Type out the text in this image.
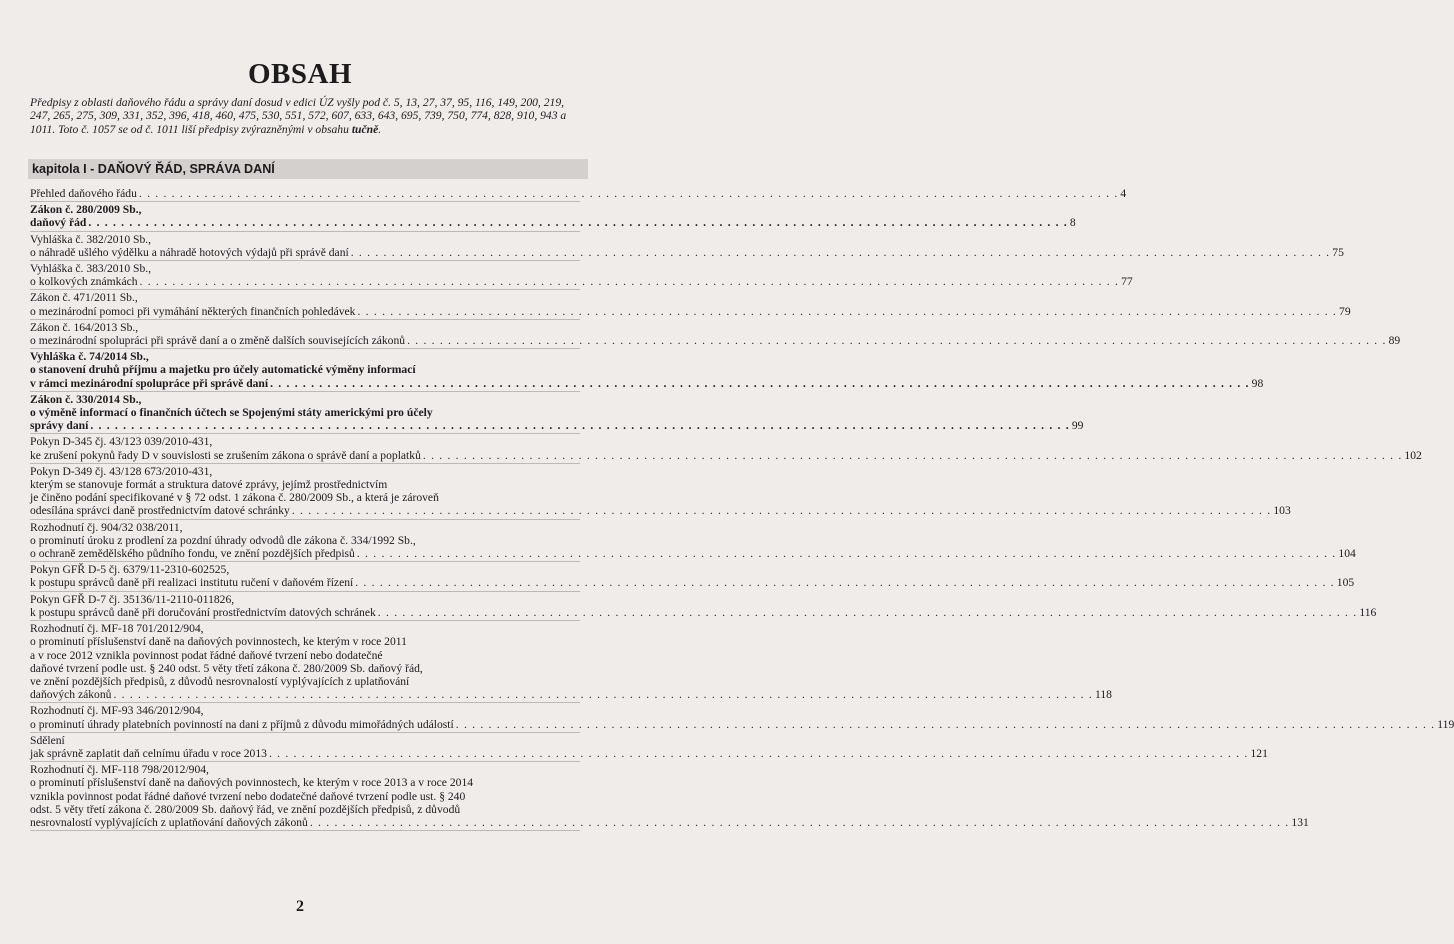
OBSAH
Předpisy z oblasti daňového řádu a správy daní dosud v edici ÚZ vyšly pod č. 5, 13, 27, 37, 95, 116, 149, 200, 219, 247, 265, 275, 309, 331, 352, 396, 418, 460, 475, 530, 551, 572, 607, 633, 643, 695, 739, 750, 774, 828, 910, 943 a 1011. Toto č. 1057 se od č. 1011 liší předpisy zvýrazněnými v obsahu tučně.
kapitola I - DAŇOVÝ ŘÁD, SPRÁVA DANÍ
Přehled daňového řádu . . . . . . . . . . . . . . . . . . . . . . . . . . . . . . . . . . . . . . . . . . . . . . . . . . . . . . . . . . . . . . . . . . . . . . . . . . . . . . . . . . . . . . . . . . . . . . . . . . . . . . . . . . . . . . . . . . . . . . . . 4
Zákon č. 280/2009 Sb.,
daňový řád . . . . . . . . . . . . . . . . . . . . . . . . . . . . . . . . . . . . . . . . . . . . . . . . . . . . . . . . . . . . . . . . . . . . . . . . . . . . . . . . . . . . . . . . . . . . . . . . . . . . . . . . . . . . . . . . . . . . . . . . 8
Vyhláška č. 382/2010 Sb.,
o náhradě ušlého výdělku a náhradě hotových výdajů při správě daní . . . . . . . . . . . . . . . . . . . . . . . . . . . . . . . . . . . . . . . . . . . . . . . . . . . . . . . . . . . . . . . . . . . . . . . . . . . . . . . . . . . . . . . . . . . . . . . . . . . . . . . . . . . . . . . . . . . . . . . . 75
Vyhláška č. 383/2010 Sb.,
o kolkových známkách . . . . . . . . . . . . . . . . . . . . . . . . . . . . . . . . . . . . . . . . . . . . . . . . . . . . . . . . . . . . . . . . . . . . . . . . . . . . . . . . . . . . . . . . . . . . . . . . . . . . . . . . . . . . . . . . . . . . . . . . 77
Zákon č. 471/2011 Sb.,
o mezinárodní pomoci při vymáhání některých finančních pohledávek . . . . . . . . . . . . . . . . . . . . . . . . . . . . . . . . . . . . . . . . . . . . . . . . . . . . . . . . . . . . . . . . . . . . . . . . . . . . . . . . . . . . . . . . . . . . . . . . . . . . . . . . . . . . . . . . . . . . . . . . 79
Zákon č. 164/2013 Sb.,
o mezinárodní spolupráci při správě daní a o změně dalších souvisejících zákonů . . . . . . . . . . . . . . . . . . . . . . . . . . . . . . . . . . . . . . . . . . . . . . . . . . . . . . . . . . . . . . . . . . . . . . . . . . . . . . . . . . . . . . . . . . . . . . . . . . . . . . . . . . . . . . . . . . . . . . . . 89
Vyhláška č. 74/2014 Sb.,
o stanovení druhů příjmu a majetku pro účely automatické výměny informací
v rámci mezinárodní spolupráce při správě daní . . . . . . . . . . . . . . . . . . . . . . . . . . . . . . . . . . . . . . . . . . . . . . . . . . . . . . . . . . . . . . . . . . . . . . . . . . . . . . . . . . . . . . . . . . . . . . . . . . . . . . . . . . . . . . . . . . . . . . . . 98
Zákon č. 330/2014 Sb.,
o výměně informací o finančních účtech se Spojenými státy americkými pro účely
správy daní . . . . . . . . . . . . . . . . . . . . . . . . . . . . . . . . . . . . . . . . . . . . . . . . . . . . . . . . . . . . . . . . . . . . . . . . . . . . . . . . . . . . . . . . . . . . . . . . . . . . . . . . . . . . . . . . . . . . . . . . 99
Pokyn D-345 čj. 43/123 039/2010-431,
ke zrušení pokynů řady D v souvislosti se zrušením zákona o správě daní a poplatků . . . . . . . . . . . . . . . . . . . . . . . . . . . . . . . . . . . . . . . . . . . . . . . . . . . . . . . . . . . . . . . . . . . . . . . . . . . . . . . . . . . . . . . . . . . . . . . . . . . . . . . . . . . . . . . . . . . . . . . . 102
Pokyn D-349 čj. 43/128 673/2010-431,
kterým se stanovuje formát a struktura datové zprávy, jejímž prostřednictvím
je činěno podání specifikované v § 72 odst. 1 zákona č. 280/2009 Sb., a která je zároveň
odesílána správci daně prostřednictvím datové schránky . . . . . . . . . . . . . . . . . . . . . . . . . . . . . . . . . . . . . . . . . . . . . . . . . . . . . . . . . . . . . . . . . . . . . . . . . . . . . . . . . . . . . . . . . . . . . . . . . . . . . . . . . . . . . . . . . . . . . . . . 103
Rozhodnutí čj. 904/32 038/2011,
o prominutí úroku z prodlení za pozdní úhrady odvodů dle zákona č. 334/1992 Sb.,
o ochraně zemědělského půdního fondu, ve znění pozdějších předpisů . . . . . . . . . . . . . . . . . . . . . . . . . . . . . . . . . . . . . . . . . . . . . . . . . . . . . . . . . . . . . . . . . . . . . . . . . . . . . . . . . . . . . . . . . . . . . . . . . . . . . . . . . . . . . . . . . . . . . . . . 104
Pokyn GFŘ D-5 čj. 6379/11-2310-602525,
k postupu správců daně při realizaci institutu ručení v daňovém řízení . . . . . . . . . . . . . . . . . . . . . . . . . . . . . . . . . . . . . . . . . . . . . . . . . . . . . . . . . . . . . . . . . . . . . . . . . . . . . . . . . . . . . . . . . . . . . . . . . . . . . . . . . . . . . . . . . . . . . . . . 105
Pokyn GFŘ D-7 čj. 35136/11-2110-011826,
k postupu správců daně při doručování prostřednictvím datových schránek . . . . . . . . . . . . . . . . . . . . . . . . . . . . . . . . . . . . . . . . . . . . . . . . . . . . . . . . . . . . . . . . . . . . . . . . . . . . . . . . . . . . . . . . . . . . . . . . . . . . . . . . . . . . . . . . . . . . . . . . 116
Rozhodnutí čj. MF-18 701/2012/904,
o prominutí příslušenství daně na daňových povinnostech, ke kterým v roce 2011
a v roce 2012 vznikla povinnost podat řádné daňové tvrzení nebo dodatečné
daňové tvrzení podle ust. § 240 odst. 5 věty třetí zákona č. 280/2009 Sb. daňový řád,
ve znění pozdějších předpisů, z důvodů nesrovnalostí vyplývajících z uplatňování
daňových zákonů . . . . . . . . . . . . . . . . . . . . . . . . . . . . . . . . . . . . . . . . . . . . . . . . . . . . . . . . . . . . . . . . . . . . . . . . . . . . . . . . . . . . . . . . . . . . . . . . . . . . . . . . . . . . . . . . . . . . . . . . 118
Rozhodnutí čj. MF-93 346/2012/904,
o prominutí úhrady platebních povinností na dani z příjmů z důvodu mimořádných událostí . . . . . . . . . . . . . . . . . . . . . . . . . . . . . . . . . . . . . . . . . . . . . . . . . . . . . . . . . . . . . . . . . . . . . . . . . . . . . . . . . . . . . . . . . . . . . . . . . . . . . . . . . . . . . . . . . . . . . . . . 119
Sdělení
jak správně zaplatit daň celnímu úřadu v roce 2013 . . . . . . . . . . . . . . . . . . . . . . . . . . . . . . . . . . . . . . . . . . . . . . . . . . . . . . . . . . . . . . . . . . . . . . . . . . . . . . . . . . . . . . . . . . . . . . . . . . . . . . . . . . . . . . . . . . . . . . . . 121
Rozhodnutí čj. MF-118 798/2012/904,
o prominutí příslušenství daně na daňových povinnostech, ke kterým v roce 2013 a v roce 2014
vznikla povinnost podat řádné daňové tvrzení nebo dodatečné daňové tvrzení podle ust. § 240
odst. 5 věty třetí zákona č. 280/2009 Sb. daňový řád, ve znění pozdějších předpisů, z důvodů
nesrovnalostí vyplývajících z uplatňování daňových zákonů . . . . . . . . . . . . . . . . . . . . . . . . . . . . . . . . . . . . . . . . . . . . . . . . . . . . . . . . . . . . . . . . . . . . . . . . . . . . . . . . . . . . . . . . . . . . . . . . . . . . . . . . . . . . . . . . . . . . . . . . 131
2
